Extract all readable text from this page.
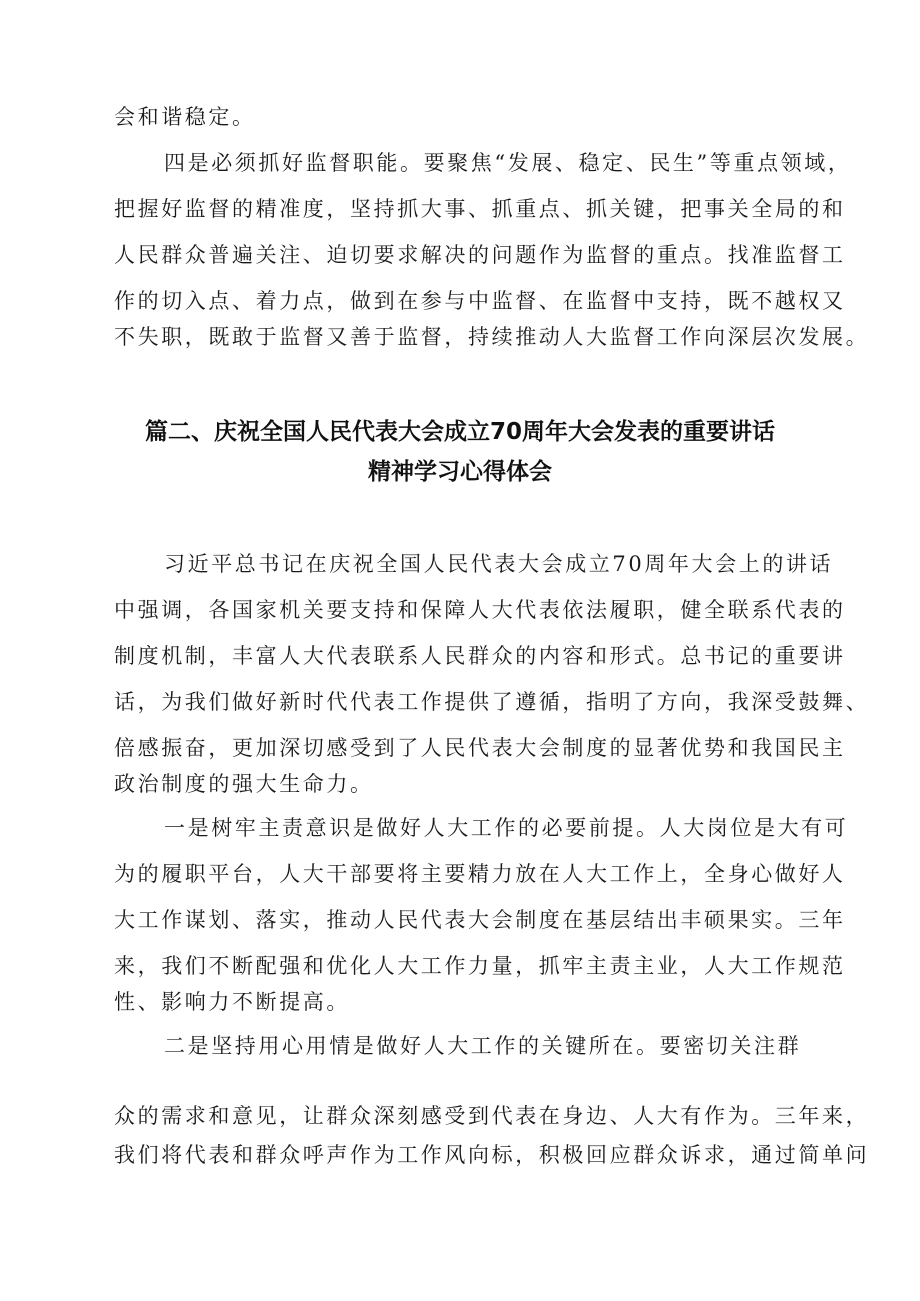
会和谐稳定。
四是必须抓好监督职能。要聚焦“发展、稳定、民生”等重点领域，
把握好监督的精准度，坚持抓大事、抓重点、抓关键，把事关全局的和
人民群众普遍关注、迫切要求解决的问题作为监督的重点。找准监督工
作的切入点、着力点，做到在参与中监督、在监督中支持，既不越权又
不失职，既敢于监督又善于监督，持续推动人大监督工作向深层次发展。
篇二、庆祝全国人民代表大会成立70周年大会发表的重要讲话
精神学习心得体会
习近平总书记在庆祝全国人民代表大会成立70周年大会上的讲话
中强调，各国家机关要支持和保障人大代表依法履职，健全联系代表的
制度机制，丰富人大代表联系人民群众的内容和形式。总书记的重要讲
话，为我们做好新时代代表工作提供了遵循，指明了方向，我深受鼓舞、
倍感振奋，更加深切感受到了人民代表大会制度的显著优势和我国民主
政治制度的强大生命力。
一是树牢主责意识是做好人大工作的必要前提。人大岗位是大有可
为的履职平台，人大干部要将主要精力放在人大工作上，全身心做好人
大工作谋划、落实，推动人民代表大会制度在基层结出丰硕果实。三年
来，我们不断配强和优化人大工作力量，抓牢主责主业，人大工作规范
性、影响力不断提高。
二是坚持用心用情是做好人大工作的关键所在。要密切关注群
众的需求和意见，让群众深刻感受到代表在身边、人大有作为。三年来，
我们将代表和群众呼声作为工作风向标，积极回应群众诉求，通过简单问
